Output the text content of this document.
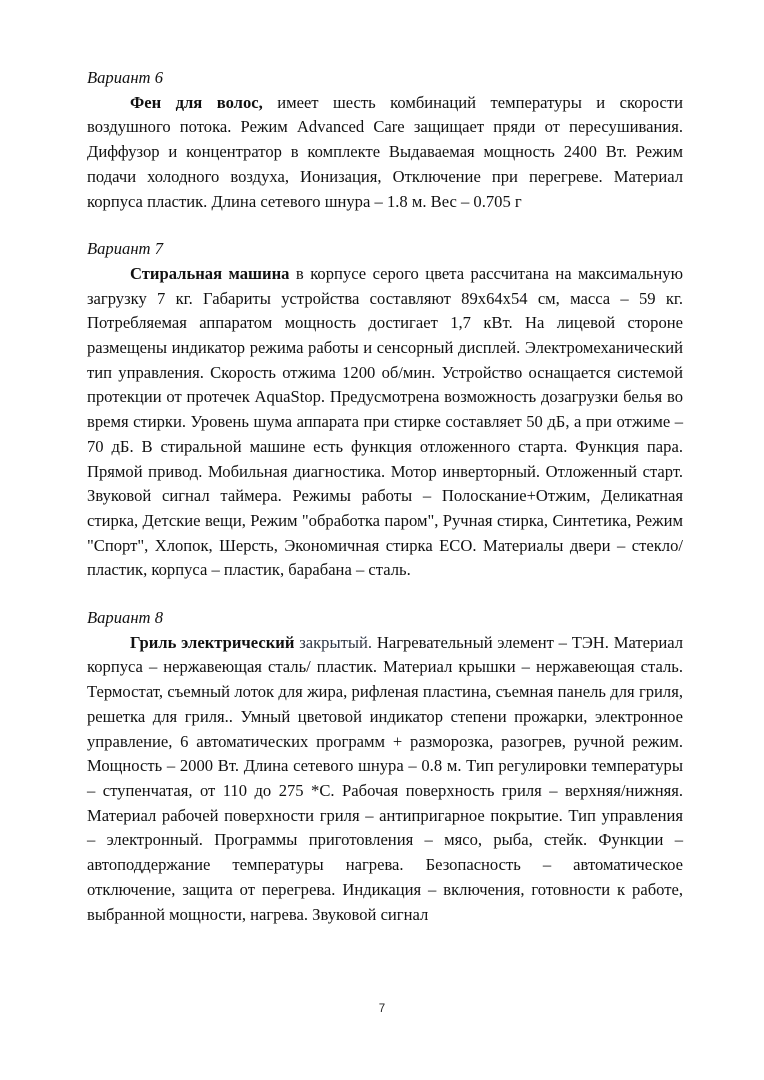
Вариант 6

Фен для волос, имеет шесть комбинаций температуры и скорости воздушного потока. Режим Advanced Care защищает пряди от пересушивания. Диффузор и концентратор в комплекте Выдаваемая мощность 2400 Вт. Режим подачи холодного воздуха, Ионизация, Отключение при перегреве. Материал корпуса пластик. Длина сетевого шнура – 1.8 м. Вес – 0.705 г

Вариант 7

Стиральная машина в корпусе серого цвета рассчитана на максимальную загрузку 7 кг. Габариты устройства составляют 89х64х54 см, масса – 59 кг. Потребляемая аппаратом мощность достигает 1,7 кВт. На лицевой стороне размещены индикатор режима работы и сенсорный дисплей. Электромеханический тип управления. Скорость отжима 1200 об/мин. Устройство оснащается системой протекции от протечек AquaStop. Предусмотрена возможность дозагрузки белья во время стирки. Уровень шума аппарата при стирке составляет 50 дБ, а при отжиме – 70 дБ. В стиральной машине есть функция отложенного старта. Функция пара. Прямой привод. Мобильная диагностика. Мотор инверторный. Отложенный старт. Звуковой сигнал таймера. Режимы работы – Полоскание+Отжим, Деликатная стирка, Детские вещи, Режим "обработка паром", Ручная стирка, Синтетика, Режим "Спорт", Хлопок, Шерсть, Экономичная стирка ECO. Материалы двери – стекло/ пластик, корпуса – пластик, барабана – сталь.

Вариант 8

Гриль электрический закрытый. Нагревательный элемент – ТЭН. Материал корпуса – нержавеющая сталь/ пластик. Материал крышки – нержавеющая сталь. Термостат, съемный лоток для жира, рифленая пластина, съемная панель для гриля, решетка для гриля.. Умный цветовой индикатор степени прожарки, электронное управление, 6 автоматических программ + разморозка, разогрев, ручной режим. Мощность – 2000 Вт. Длина сетевого шнура – 0.8 м. Тип регулировки температуры – ступенчатая, от 110 до 275 *С. Рабочая поверхность гриля – верхняя/нижняя. Материал рабочей поверхности гриля – антипригарное покрытие. Тип управления – электронный. Программы приготовления – мясо, рыба, стейк. Функции – автоподдержание температуры нагрева. Безопасность – автоматическое отключение, защита от перегрева. Индикация – включения, готовности к работе, выбранной мощности, нагрева. Звуковой сигнал

7
